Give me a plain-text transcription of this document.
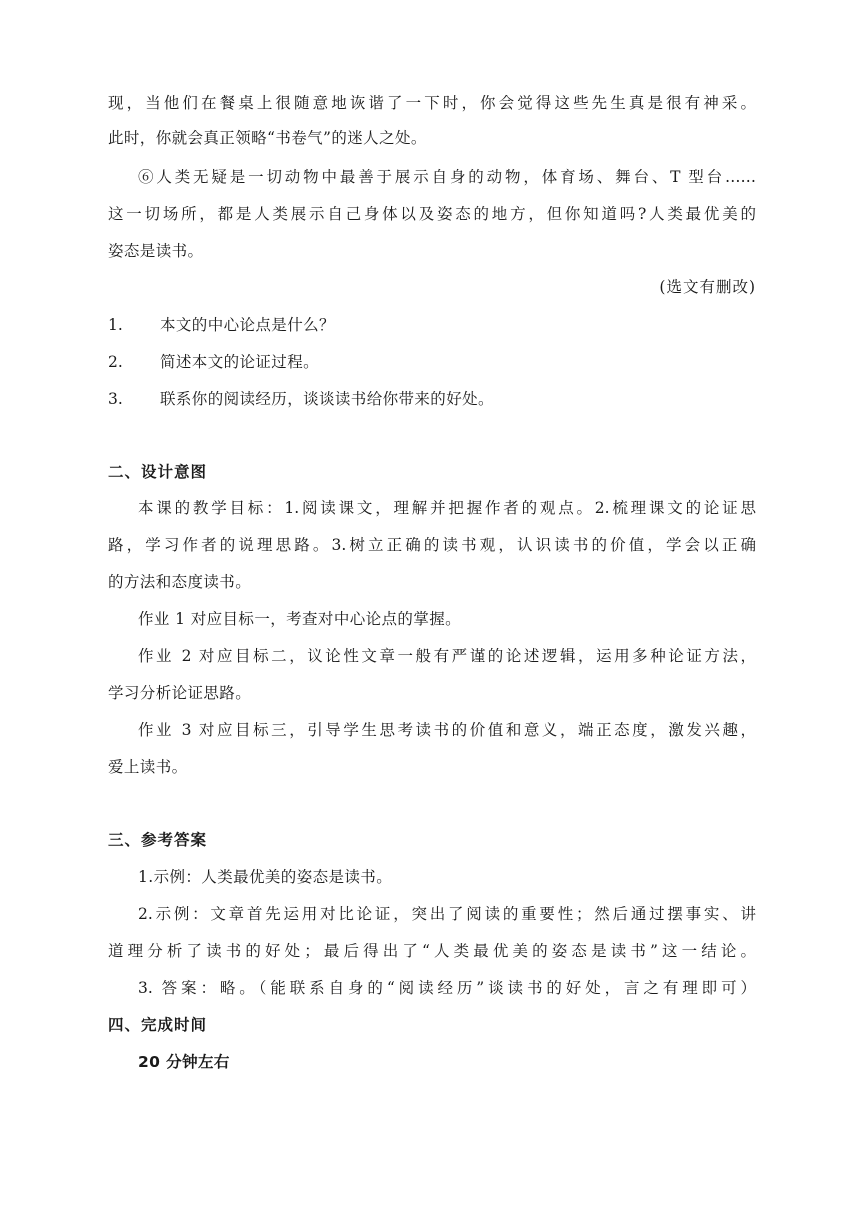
现，当他们在餐桌上很随意地诙谐了一下时，你会觉得这些先生真是很有神采。
此时，你就会真正领略“书卷气”的迷人之处。
⑥人类无疑是一切动物中最善于展示自身的动物，体育场、舞台、T 型台……
这一切场所，都是人类展示自己身体以及姿态的地方，但你知道吗?人类最优美的
姿态是读书。
(选文有删改)
1. 本文的中心论点是什么？
2. 简述本文的论证过程。
3. 联系你的阅读经历，谈谈读书给你带来的好处。
二、设计意图
本课的教学目标：1.阅读课文，理解并把握作者的观点。2.梳理课文的论证思
路，学习作者的说理思路。3.树立正确的读书观，认识读书的价值，学会以正确
的方法和态度读书。
作业 1 对应目标一，考查对中心论点的掌握。
作业 2 对应目标二，议论性文章一般有严谨的论述逻辑，运用多种论证方法，
学习分析论证思路。
作业 3 对应目标三，引导学生思考读书的价值和意义，端正态度，激发兴趣，
爱上读书。
三、参考答案
1.示例：人类最优美的姿态是读书。
2.示例：文章首先运用对比论证，突出了阅读的重要性；然后通过摆事实、讲
道理分析了读书的好处；最后得出了“人类最优美的姿态是读书”这一结论。
3. 答案：略。（能联系自身的“阅读经历”谈读书的好处，言之有理即可）
四、完成时间
20 分钟左右
